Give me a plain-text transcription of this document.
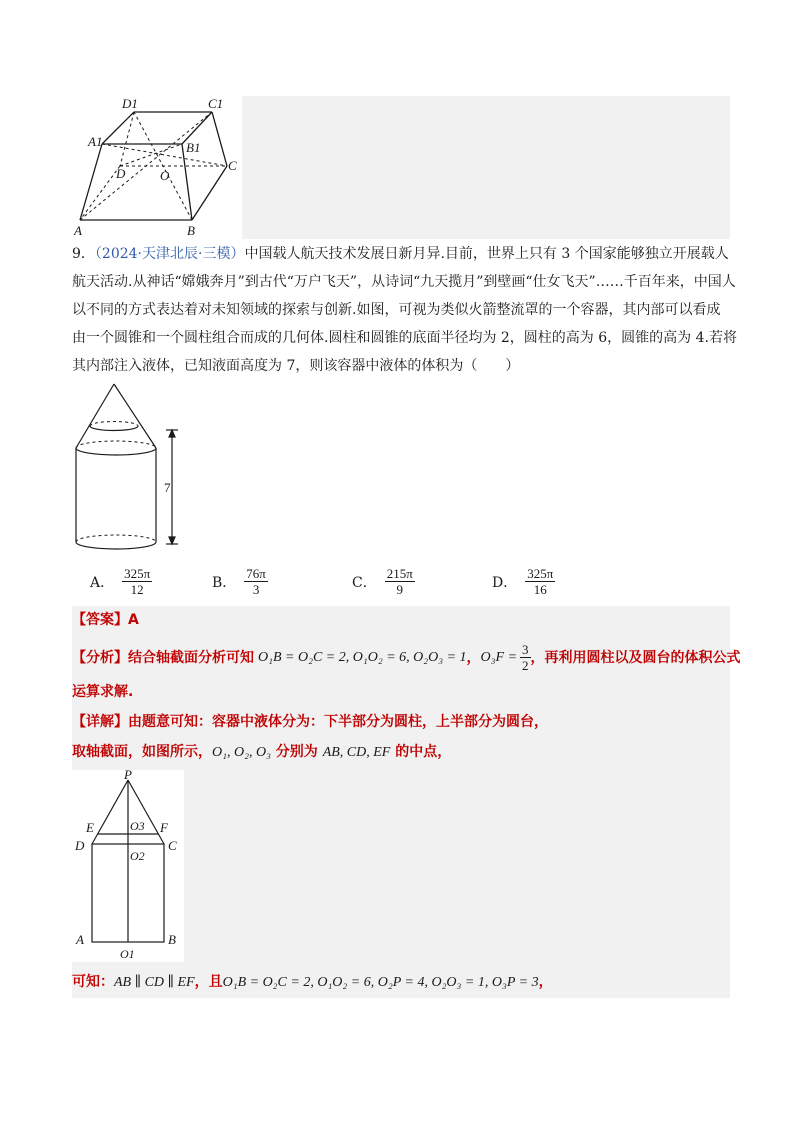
D1	C1
A1	B1
D	O
C
A	B
9．（2024·天津北辰·三模）中国载人航天技术发展日新月异.目前，世界上只有 3 个国家能够独立开展载人
航天活动.从神话“嫦娥奔月”到古代“万户飞天”，从诗词“九天揽月”到壁画“仕女飞天”……千百年来，中国人
以不同的方式表达着对未知领域的探索与创新.如图，可视为类似火箭整流罩的一个容器，其内部可以看成
由一个圆锥和一个圆柱组合而成的几何体.圆柱和圆锥的底面半径均为 2，圆柱的高为 6，圆锥的高为 4.若将
其内部注入液体，已知液面高度为 7，则该容器中液体的体积为（　　）
7
A． $\frac{325\pi}{12}$	B． $\frac{76\pi}{3}$	C． $\frac{215\pi}{9}$	D． $\frac{325\pi}{16}$
【答案】A
【分析】 结合轴截面分析可知 O₁B = O₂C = 2, O₁O₂ = 6, O₂O₃ = 1 ， $O_3F = \frac{3}{2}$ ，再利用圆柱以及圆台的体积公式
运算求解.
【详解】由题意可知：容器中液体分为：下半部分为圆柱，上半部分为圆台，
取轴截面，如图所示，O₁, O₂, O₃ 分别为 AB, CD, EF 的中点，
P
E	O3 F
D
O2
C
A
O1
B
可知：AB ∥ CD ∥ EF，且O₁B = O₂C = 2, O₁O₂ = 6, O₂P = 4, O₂O₃ = 1, O₃P = 3，
